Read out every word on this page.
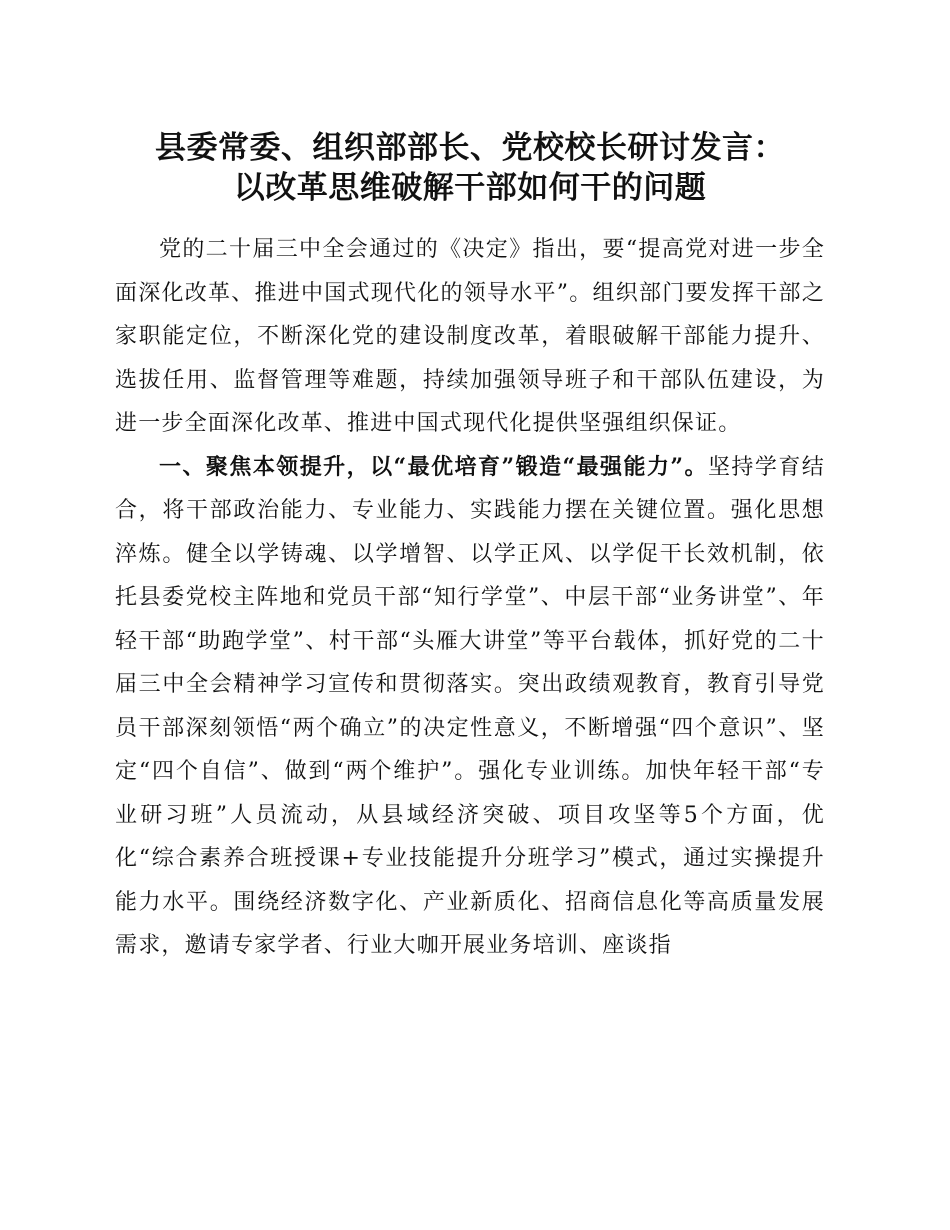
县委常委、组织部部长、党校校长研讨发言：
以改革思维破解干部如何干的问题

党的二十届三中全会通过的《决定》指出，要“提高党对进一步全面深化改革、推进中国式现代化的领导水平”。组织部门要发挥干部之家职能定位，不断深化党的建设制度改革，着眼破解干部能力提升、选拔任用、监督管理等难题，持续加强领导班子和干部队伍建设，为进一步全面深化改革、推进中国式现代化提供坚强组织保证。

一、聚焦本领提升，以“最优培育”锻造“最强能力”。坚持学育结合，将干部政治能力、专业能力、实践能力摆在关键位置。强化思想淬炼。健全以学铸魂、以学增智、以学正风、以学促干长效机制，依托县委党校主阵地和党员干部“知行学堂”、中层干部“业务讲堂”、年轻干部“助跑学堂”、村干部“头雁大讲堂”等平台载体，抓好党的二十届三中全会精神学习宣传和贯彻落实。突出政绩观教育，教育引导党员干部深刻领悟“两个确立”的决定性意义，不断增强“四个意识”、坚定“四个自信”、做到“两个维护”。强化专业训练。加快年轻干部“专业研习班”人员流动，从县域经济突破、项目攻坚等5个方面，优化“综合素养合班授课+专业技能提升分班学习”模式，通过实操提升能力水平。围绕经济数字化、产业新质化、招商信息化等高质量发展需求，邀请专家学者、行业大咖开展业务培训、座谈指
